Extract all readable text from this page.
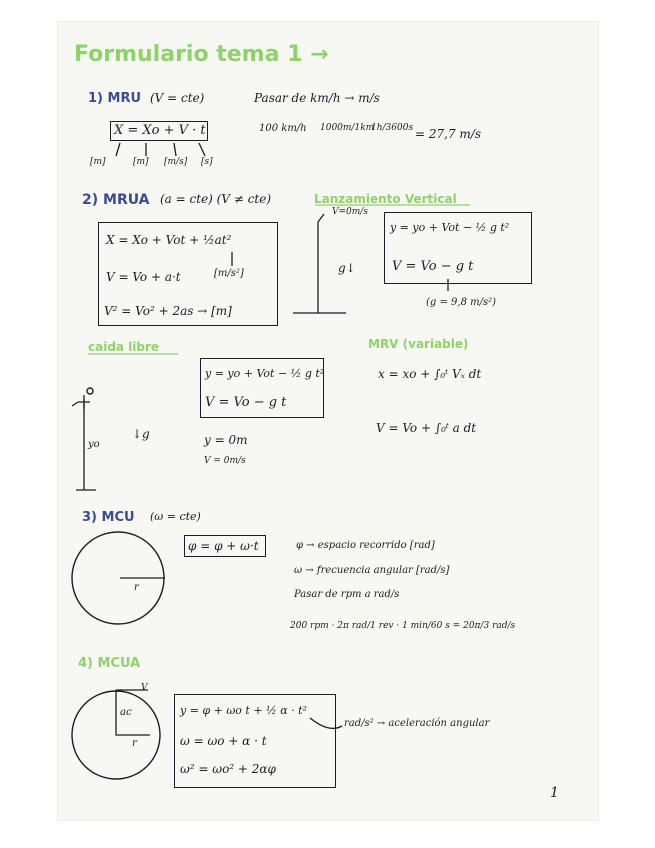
Formulario tema 1 →
1) MRU (V = cte)
X = Xo + V · t
[m]	[m] [m/s] [s]
Pasar de km/h → m/s
100 km/h 1000m/1km
1h/3600s = 27,7 m/s
2) MRUA (a = cte) (V ≠ cte)
X = Xo + Vot + ½at²
V = Vo + a·t	[m/s²]
V² = Vo² + 2as → [m]
Lanzamiento Vertical
V=0m/s
g↓
y = yo + Vot − ½ g t²
V = Vo − g t
(g = 9,8 m/s²)
caida libre
yo
↓g
y = yo + Vot − ½ g t²
V = Vo − g t
y = 0m
V = 0m/s
MRV (variable)
x = xo + ∫₀ᵗ Vₓ dt
V = Vo + ∫₀ᵗ a dt
3) MCU (ω = cte)
r
φ = φ + ω·t	φ → espacio recorrido [rad]
ω → frecuencia angular [rad/s]
Pasar de rpm a rad/s
200 rpm · 2π rad/1 rev · 1 min/60 s = 20π/3 rad/s
4) MCUA
V
ac
r
y = φ + ωo t + ½ α · t²
ω = ωo + α · t
ω² = ωo² + 2αφ
rad/s² → aceleración angular
1
